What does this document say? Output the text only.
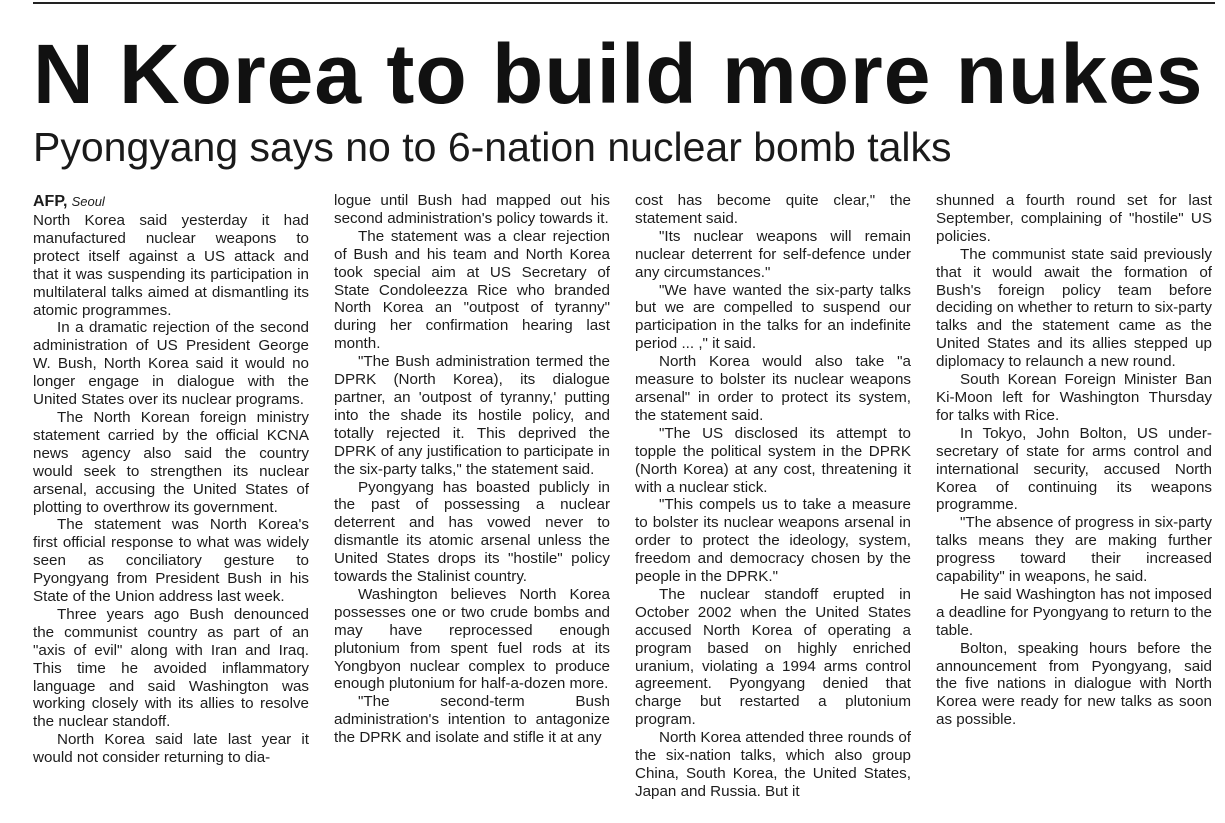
N Korea to build more nukes
Pyongyang says no to 6-nation nuclear bomb talks

AFP, Seoul

North Korea said yesterday it had manufactured nuclear weapons to protect itself against a US attack and that it was suspending its participation in multilateral talks aimed at dismantling its atomic programmes.

In a dramatic rejection of the second administration of US President George W. Bush, North Korea said it would no longer engage in dialogue with the United States over its nuclear programs.

The North Korean foreign ministry statement carried by the official KCNA news agency also said the country would seek to strengthen its nuclear arsenal, accusing the United States of plotting to overthrow its government.

The statement was North Korea's first official response to what was widely seen as conciliatory gesture to Pyongyang from President Bush in his State of the Union address last week.

Three years ago Bush denounced the communist country as part of an "axis of evil" along with Iran and Iraq. This time he avoided inflammatory language and said Washington was working closely with its allies to resolve the nuclear standoff.

North Korea said late last year it would not consider returning to dia-

logue until Bush had mapped out his second administration's policy towards it.

The statement was a clear rejection of Bush and his team and North Korea took special aim at US Secretary of State Condoleezza Rice who branded North Korea an "outpost of tyranny" during her confirmation hearing last month.

"The Bush administration termed the DPRK (North Korea), its dialogue partner, an 'outpost of tyranny,' putting into the shade its hostile policy, and totally rejected it. This deprived the DPRK of any justification to participate in the six-party talks," the statement said.

Pyongyang has boasted publicly in the past of possessing a nuclear deterrent and has vowed never to dismantle its atomic arsenal unless the United States drops its "hostile" policy towards the Stalinist country.

Washington believes North Korea possesses one or two crude bombs and may have reprocessed enough plutonium from spent fuel rods at its Yongbyon nuclear complex to produce enough plutonium for half-a-dozen more.

"The second-term Bush administration's intention to antagonize the DPRK and isolate and stifle it at any

cost has become quite clear," the statement said.

"Its nuclear weapons will remain nuclear deterrent for self-defence under any circumstances."

"We have wanted the six-party talks but we are compelled to suspend our participation in the talks for an indefinite period ... ," it said.

North Korea would also take "a measure to bolster its nuclear weapons arsenal" in order to protect its system, the statement said.

"The US disclosed its attempt to topple the political system in the DPRK (North Korea) at any cost, threatening it with a nuclear stick.

"This compels us to take a measure to bolster its nuclear weapons arsenal in order to protect the ideology, system, freedom and democracy chosen by the people in the DPRK."

The nuclear standoff erupted in October 2002 when the United States accused North Korea of operating a program based on highly enriched uranium, violating a 1994 arms control agreement. Pyongyang denied that charge but restarted a plutonium program.

North Korea attended three rounds of the six-nation talks, which also group China, South Korea, the United States, Japan and Russia. But it

shunned a fourth round set for last September, complaining of "hostile" US policies.

The communist state said previously that it would await the formation of Bush's foreign policy team before deciding on whether to return to six-party talks and the statement came as the United States and its allies stepped up diplomacy to relaunch a new round.

South Korean Foreign Minister Ban Ki-Moon left for Washington Thursday for talks with Rice.

In Tokyo, John Bolton, US under-secretary of state for arms control and international security, accused North Korea of continuing its weapons programme.

"The absence of progress in six-party talks means they are making further progress toward their increased capability" in weapons, he said.

He said Washington has not imposed a deadline for Pyongyang to return to the table.

Bolton, speaking hours before the announcement from Pyongyang, said the five nations in dialogue with North Korea were ready for new talks as soon as possible.
